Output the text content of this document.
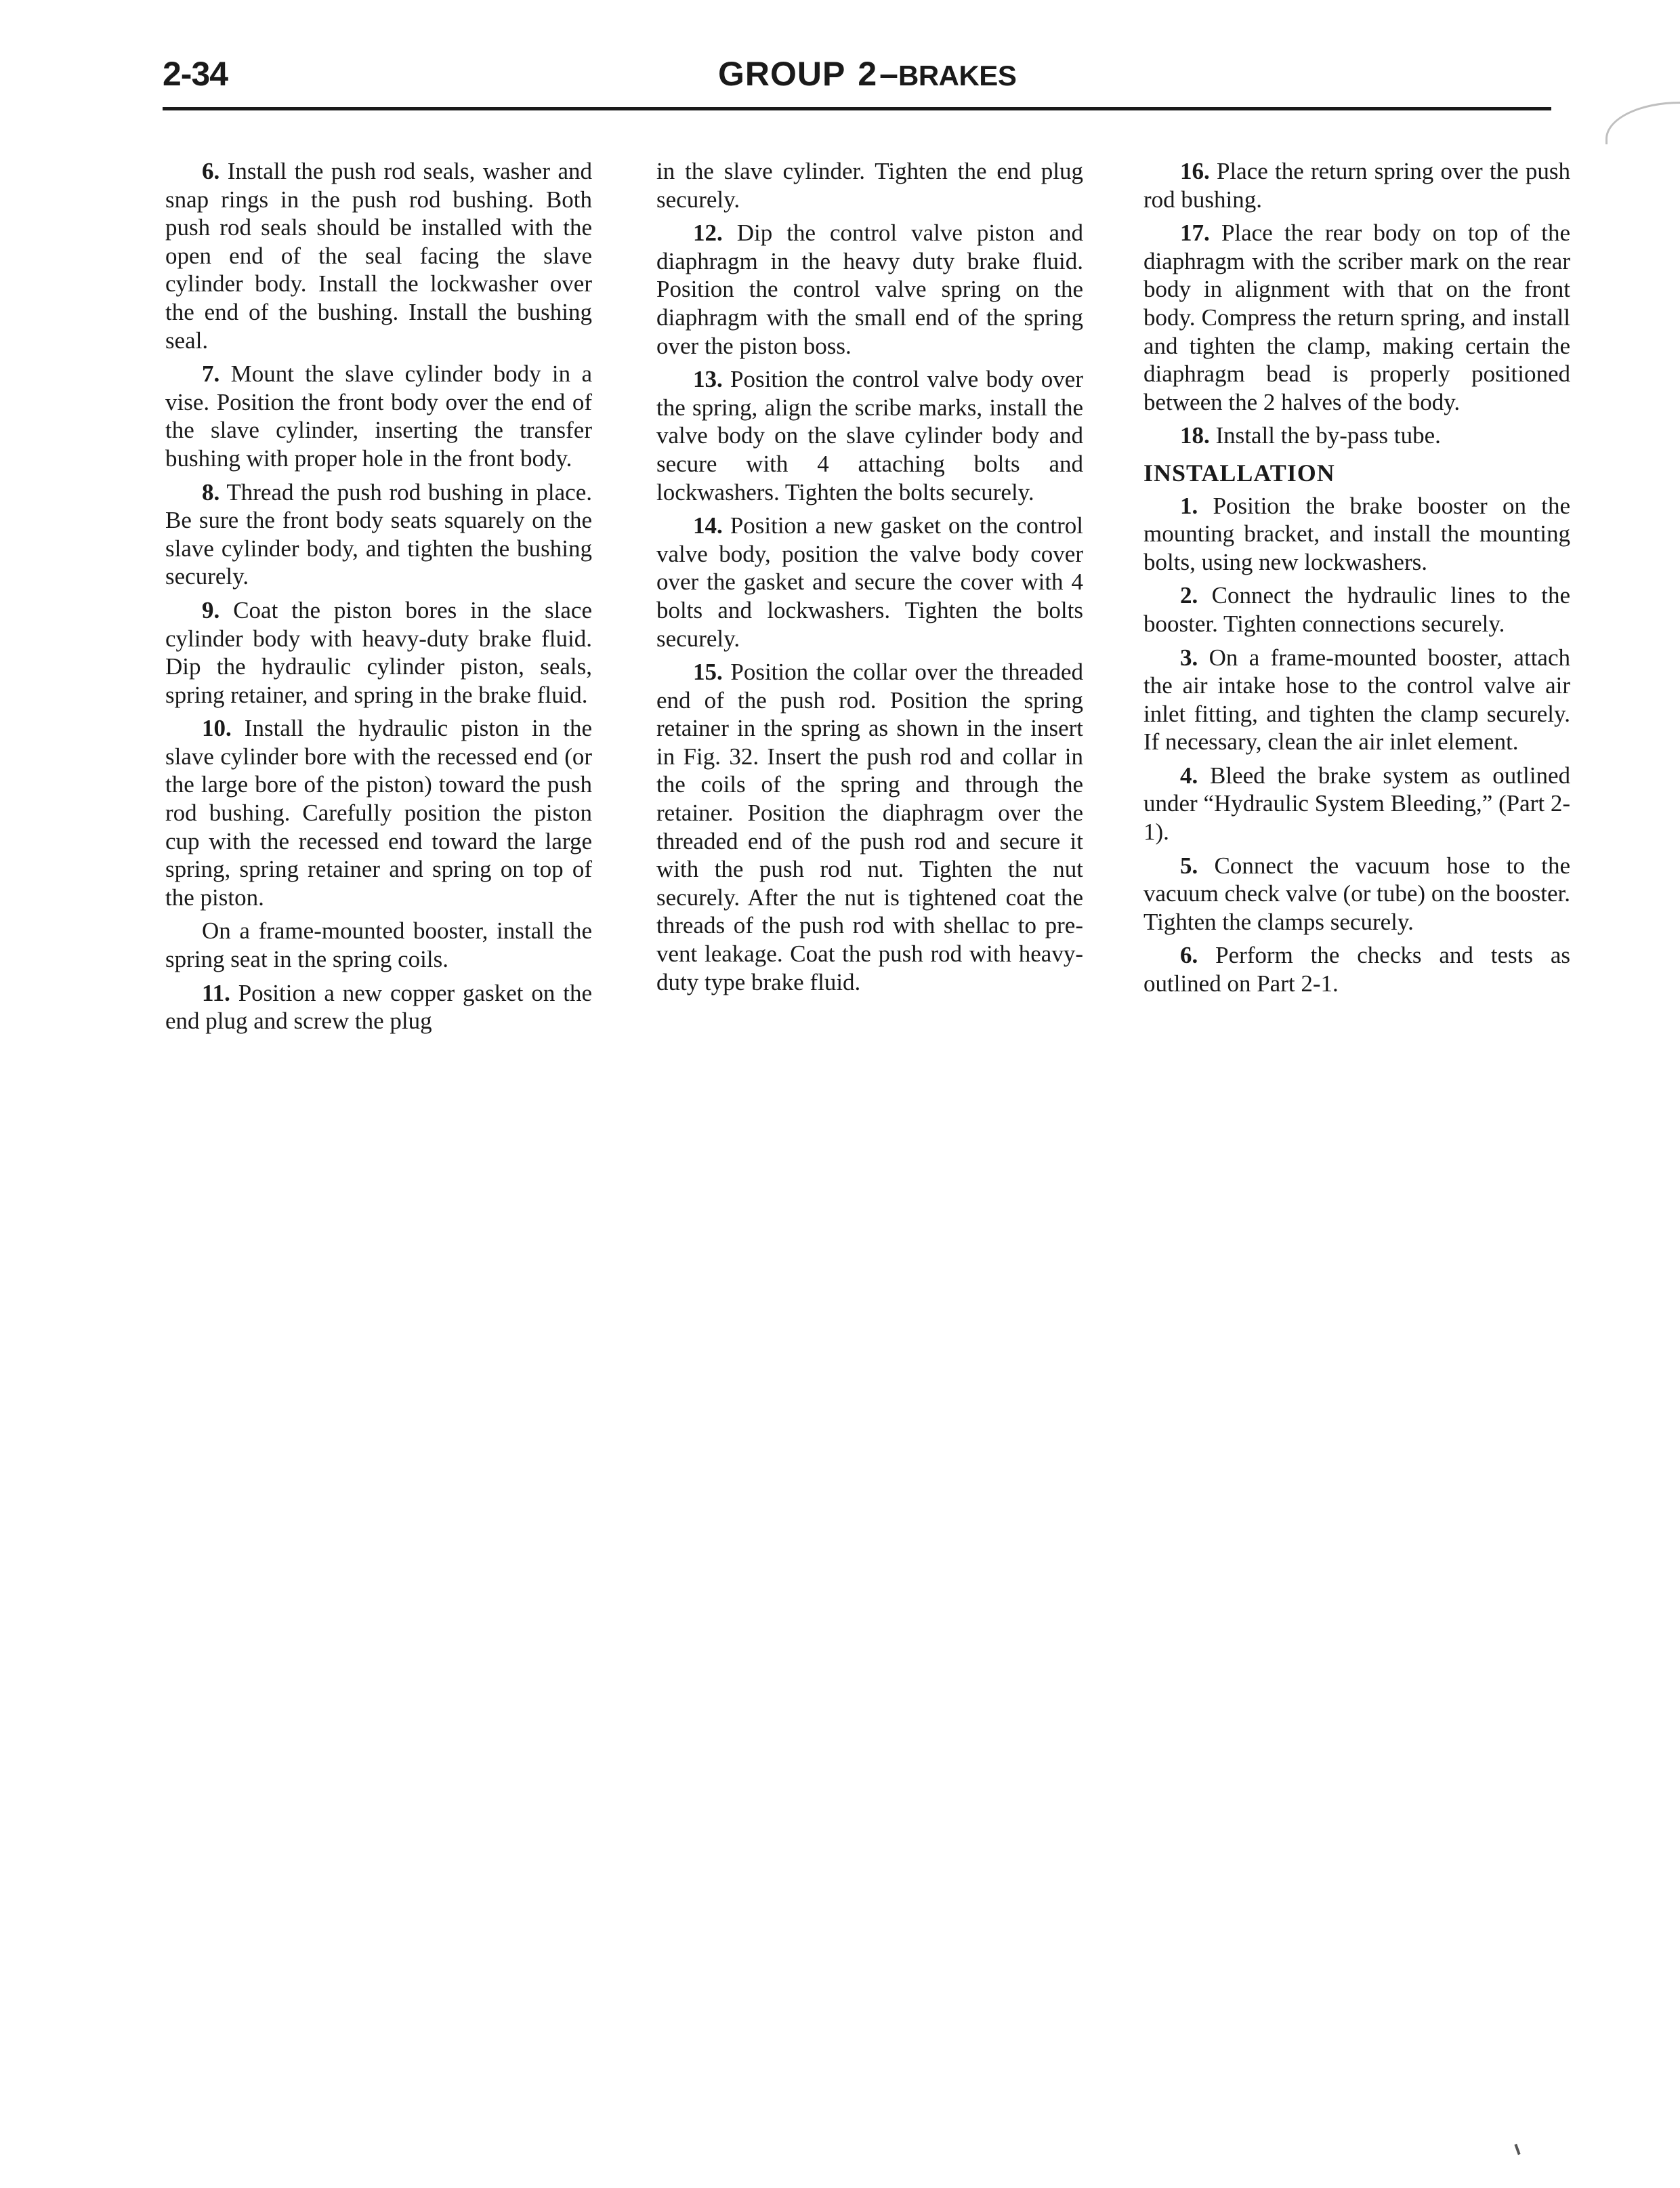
2-34	GROUP 2–BRAKES

6. Install the push rod seals, washer and snap rings in the push rod bushing. Both push rod seals should be installed with the open end of the seal facing the slave cylinder body. Install the lockwasher over the end of the bushing. Install the bushing seal.

7. Mount the slave cylinder body in a vise. Position the front body over the end of the slave cylinder, inserting the transfer bushing with proper hole in the front body.

8. Thread the push rod bushing in place. Be sure the front body seats squarely on the slave cylinder body, and tighten the bushing securely.

9. Coat the piston bores in the slace cylinder body with heavy-duty brake fluid. Dip the hydraulic cylinder piston, seals, spring retainer, and spring in the brake fluid.

10. Install the hydraulic piston in the slave cylinder bore with the recessed end (or the large bore of the piston) toward the push rod bushing. Carefully position the piston cup with the recessed end toward the large spring, spring retainer and spring on top of the piston.

On a frame-mounted booster, install the spring seat in the spring coils.

11. Position a new copper gasket on the end plug and screw the plug

in the slave cylinder. Tighten the end plug securely.

12. Dip the control valve piston and diaphragm in the heavy duty brake fluid. Position the control valve spring on the diaphragm with the small end of the spring over the piston boss.

13. Position the control valve body over the spring, align the scribe marks, install the valve body on the slave cylinder body and secure with 4 attaching bolts and lockwashers. Tighten the bolts securely.

14. Position a new gasket on the control valve body, position the valve body cover over the gasket and secure the cover with 4 bolts and lockwashers. Tighten the bolts securely.

15. Position the collar over the threaded end of the push rod. Position the spring retainer in the spring as shown in the insert in Fig. 32. Insert the push rod and collar in the coils of the spring and through the retainer. Position the diaphragm over the threaded end of the push rod and secure it with the push rod nut. Tighten the nut securely. After the nut is tightened coat the threads of the push rod with shellac to prevent leakage. Coat the push rod with heavy-duty type brake fluid.

16. Place the return spring over the push rod bushing.

17. Place the rear body on top of the diaphragm with the scriber mark on the rear body in alignment with that on the front body. Compress the return spring, and install and tighten the clamp, making certain the diaphragm bead is properly positioned between the 2 halves of the body.

18. Install the by-pass tube.

INSTALLATION

1. Position the brake booster on the mounting bracket, and install the mounting bolts, using new lockwashers.

2. Connect the hydraulic lines to the booster. Tighten connections securely.

3. On a frame-mounted booster, attach the air intake hose to the control valve air inlet fitting, and tighten the clamp securely. If necessary, clean the air inlet element.

4. Bleed the brake system as outlined under “Hydraulic System Bleeding,” (Part 2-1).

5. Connect the vacuum hose to the vacuum check valve (or tube) on the booster. Tighten the clamps securely.

6. Perform the checks and tests as outlined on Part 2-1.
